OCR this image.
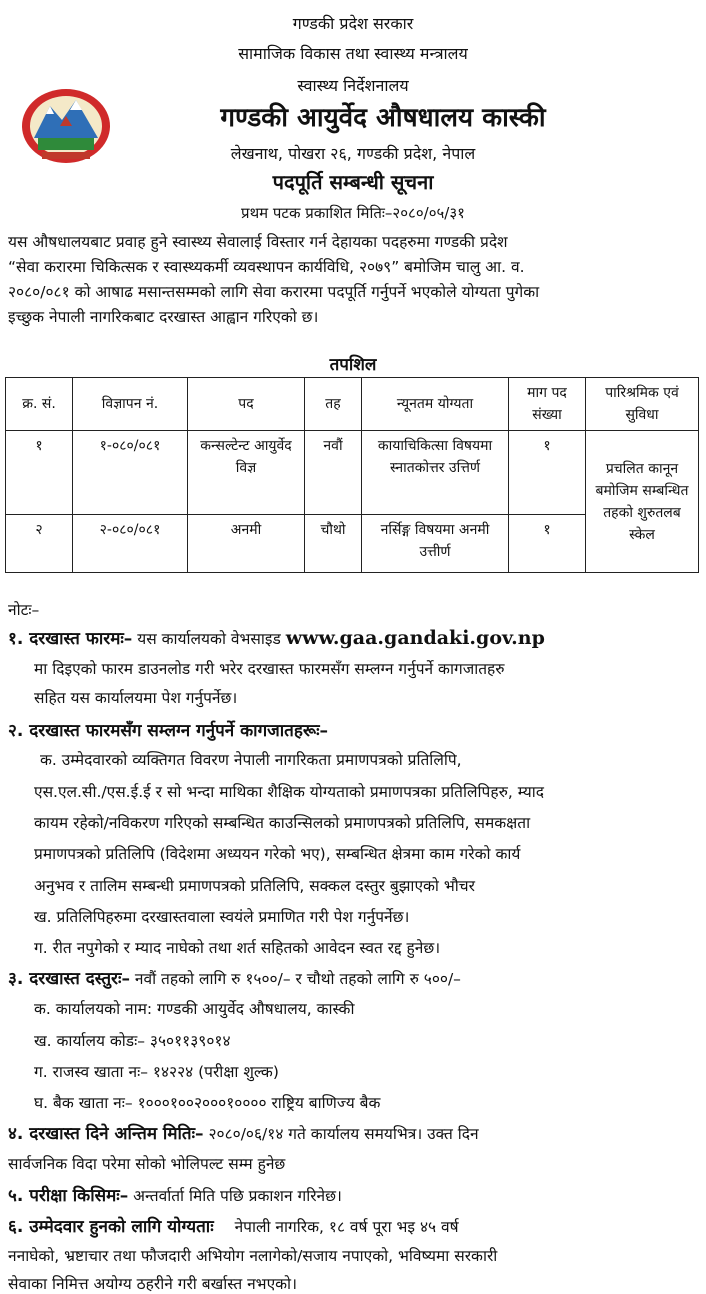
गण्डकी प्रदेश सरकार
सामाजिक विकास तथा स्वास्थ्य मन्त्रालय
स्वास्थ्य निर्देशनालय
गण्डकी आयुर्वेद औषधालय कास्की
लेखनाथ, पोखरा २६, गण्डकी प्रदेश, नेपाल
पदपूर्ति सम्बन्धी सूचना
प्रथम पटक प्रकाशित मितिः–२०८०/०५/३१
यस औषधालयबाट प्रवाह हुने स्वास्थ्य सेवालाई विस्तार गर्न देहायका पदहरुमा गण्डकी प्रदेश
“सेवा करारमा चिकित्सक र स्वास्थ्यकर्मी व्यवस्थापन कार्यविधि, २०७९” बमोजिम चालु आ. व.
२०८०/०८१ को आषाढ मसान्तसम्मको लागि सेवा करारमा पदपूर्ति गर्नुपर्ने भएकोले योग्यता पुगेका
इच्छुक नेपाली नागरिकबाट दरखास्त आह्वान गरिएको छ।
तपशिल
क्र. सं.	विज्ञापन नं.	पद	तह	न्यूनतम योग्यता	माग पद संख्या	पारिश्रमिक एवं सुविधा
१	१-०८०/०८१	कन्सल्टेन्ट आयुर्वेद विज्ञ	नवौं	कायाचिकित्सा विषयमा स्नातकोत्तर उत्तिर्ण	१	प्रचलित कानून बमोजिम सम्बन्धित तहको शुरुतलब स्केल
२	२-०८०/०८१	अनमी	चौथो	नर्सिङ्ग विषयमा अनमी उत्तीर्ण	१	
नोटः–
१. दरखास्त फारमः– यस कार्यालयको वेभसाइड www.gaa.gandaki.gov.np
मा दिइएको फारम डाउनलोड गरी भरेर दरखास्त फारमसँग सम्लग्न गर्नुपर्ने कागजातहरु
सहित यस कार्यालयमा पेश गर्नुपर्नेछ।
२. दरखास्त फारमसँग सम्लग्न गर्नुपर्ने कागजातहरूः–
क. उम्मेदवारको व्यक्तिगत विवरण नेपाली नागरिकता प्रमाणपत्रको प्रतिलिपि,
एस.एल.सी./एस.ई.ई र सो भन्दा माथिका शैक्षिक योग्यताको प्रमाणपत्रका प्रतिलिपिहरु, म्याद
कायम रहेको/नविकरण गरिएको सम्बन्धित काउन्सिलको प्रमाणपत्रको प्रतिलिपि, समकक्षता
प्रमाणपत्रको प्रतिलिपि (विदेशमा अध्ययन गरेको भए), सम्बन्धित क्षेत्रमा काम गरेको कार्य
अनुभव र तालिम सम्बन्धी प्रमाणपत्रको प्रतिलिपि, सक्कल दस्तुर बुझाएको भौचर
ख. प्रतिलिपिहरुमा दरखास्तवाला स्वयंले प्रमाणित गरी पेश गर्नुपर्नेछ।
ग. रीत नपुगेको र म्याद नाघेको तथा शर्त सहितको आवेदन स्वत रद्द हुनेछ।
३. दरखास्त दस्तुरः– नवौं तहको लागि रु १५००/– र चौथो तहको लागि रु ५००/–
क. कार्यालयको नाम: गण्डकी आयुर्वेद औषधालय, कास्की
ख. कार्यालय कोडः– ३५०११३९०१४
ग. राजस्व खाता नः– १४२२४ (परीक्षा शुल्क)
घ. बैक खाता नः– १०००१००२०००१०००० राष्ट्रिय बाणिज्य बैक
४. दरखास्त दिने अन्तिम मितिः– २०८०/०६/१४ गते कार्यालय समयभित्र। उक्त दिन
सार्वजनिक विदा परेमा सोको भोलिपल्ट सम्म हुनेछ
५. परीक्षा किसिमः– अन्तर्वार्ता मिति पछि प्रकाशन गरिनेछ।
६. उम्मेदवार हुनको लागि योग्यताः नेपाली नागरिक, १८ वर्ष पूरा भइ ४५ वर्ष
ननाघेको, भ्रष्टाचार तथा फौजदारी अभियोग नलागेको/सजाय नपाएको, भविष्यमा सरकारी
सेवाका निमित्त अयोग्य ठहरीने गरी बर्खास्त नभएको।
